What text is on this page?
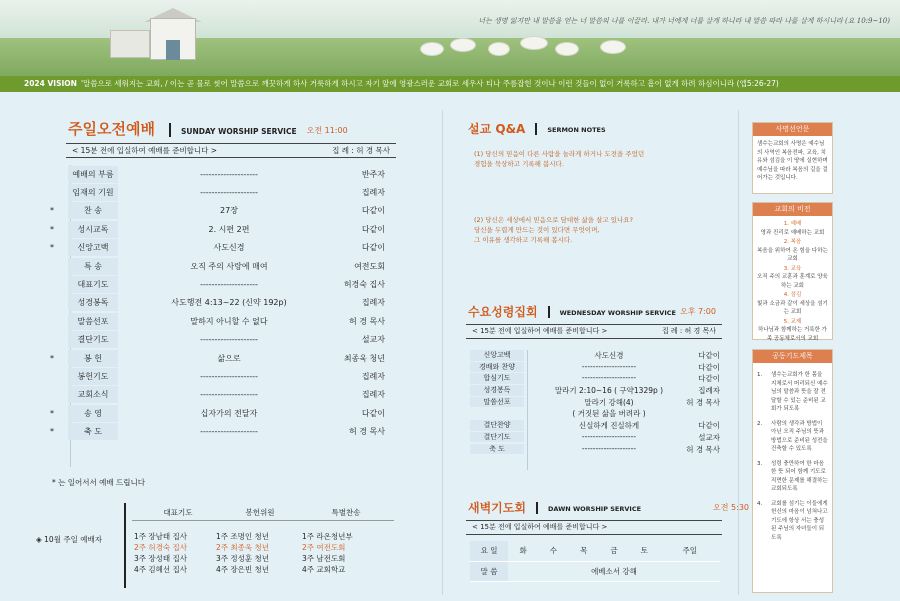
너는 생명 잃지만 내 말씀을 얻는 너 말씀의 나를 이끌라. 내가 너에게 너를 살게 하니라 내 말씀 따라 나를 살게 하시니라 (요 10:9~10)
2024 VISION '말씀으로 세워지는 교회, / 이는 곧 물로 씻어 말씀으로 깨끗하게 하사 거룩하게 하시고 자기 앞에 영광스러운 교회로 세우사 티나 주름잡힌 것이나 이런 것들이 없이 거룩하고 흠이 없게 하려 하심이니라 (엡5:26-27)
주일오전예배	SUNDAY WORSHIP SERVICE 오전 11:00
< 15분 전에 입실하여 예배를 준비합니다 >	집 례 : 허 경 목사
예배의 부름	--------------------	반주자
임재의 기원	--------------------	집례자
*	찬 송	27장	다같이
*	성시교독	2. 시편 2편	다같이
*	신앙고백	사도신경	다같이
특 송	오직 주의 사랑에 매여	여전도회
대표기도	--------------------	허경숙 집사
성경봉독	사도행전 4:13~22 (신약 192p)	집례자
말씀선포	말하지 아니할 수 없다	허 경 목사
결단기도	--------------------	설교자
*	봉 헌	삶으로	최종욱 청년
봉헌기도	--------------------	집례자
교회소식	--------------------	집례자
*	송 영	십자가의 전달자	다같이
*	축 도	--------------------	허 경 목사
* 는 일어서서 예배 드립니다
◈ 10월 주일 예배자
대표기도	봉헌위원	특별찬송
1주 장남태 집사	1주 조명인 청년	1주 라온청년부
2주 허경숙 집사	2주 최종욱 청년	2주 여전도회
3주 장성태 집사	3주 정성훈 청년	3주 남전도회
4주 김혜선 집사	4주 장은빈 청년	4주 교회학교
설교 Q&A	SERMON NOTES
(1) 당신의 믿음이 다른 사람을 놀라게 하거나 도전을 주었던
경험을 묵상하고 기록해 봅시다.
(2) 당신은 세상에서 믿음으로 담대한 삶을 살고 있나요?
당신을 두렵게 만드는 것이 있다면 무엇이며,
그 이유를 생각하고 기록해 봅시다.
수요성령집회	WEDNESDAY WORSHIP SERVICE 오후 7:00
< 15분 전에 입실하여 예배를 준비합니다 >	집 례 : 허 경 목사
신앙고백	사도신경	다같이
경배와 찬양	--------------------	다같이
합심기도	--------------------	다같이
성경봉독	말라기 2:10~16 ( 구약1329p )	집례자
말씀선포	말라기 강해(4)	허 경 목사
( 거짓된 삶을 버려라 )
결단찬양	신실하게 진실하게	다같이
결단기도	--------------------	설교자
축 도	--------------------	허 경 목사
새벽기도회	DAWN WORSHIP SERVICE	오전 5:30
< 15분 전에 입실하여 예배를 준비합니다 >
요 일	화	수	목	금	토	주일
말 씀	에베소서 강해					
사명선언문
샘수는교회의 사명은 예수님의 사역인 복음전파, 교육, 치유와 섬김을 이 땅에 실현하며 예수님을 따라 복음의 길을 걸어가는 것입니다.
교회의 비전
1. 예배
영과 진리로 예배하는 교회
2. 복음
복음을 위하여 온 힘을 다하는 교회
3. 교육
오직 주의 교훈과 훈계로 양육하는 교회
4. 섬김
빛과 소금과 같이 세상을 섬기는 교회
5. 교제
하나님과 함께하는 거룩한 가족 공동체로서의 교회
공동기도제목
1. 샘수는교회가 한 몸을 지체로서 머리되신 예수님의 말씀과 뜻을 잘 전달할 수 있는 준비된 교회가 되도록
2. 사람의 생각과 방법이 아닌 오직 주님의 뜻과 방법으로 준비된 성전을 건축할 수 있도록
3. 성령 충만하여 한 마음 한 뜻 되어 함께 기도로 직면한 문제를 해결하는 교회되도록
4. 교회를 섬기는 이들에게 헌신의 마음이 넘쳐나고 기도에 항상 서는 충성된 주님의 자녀들이 되도록
